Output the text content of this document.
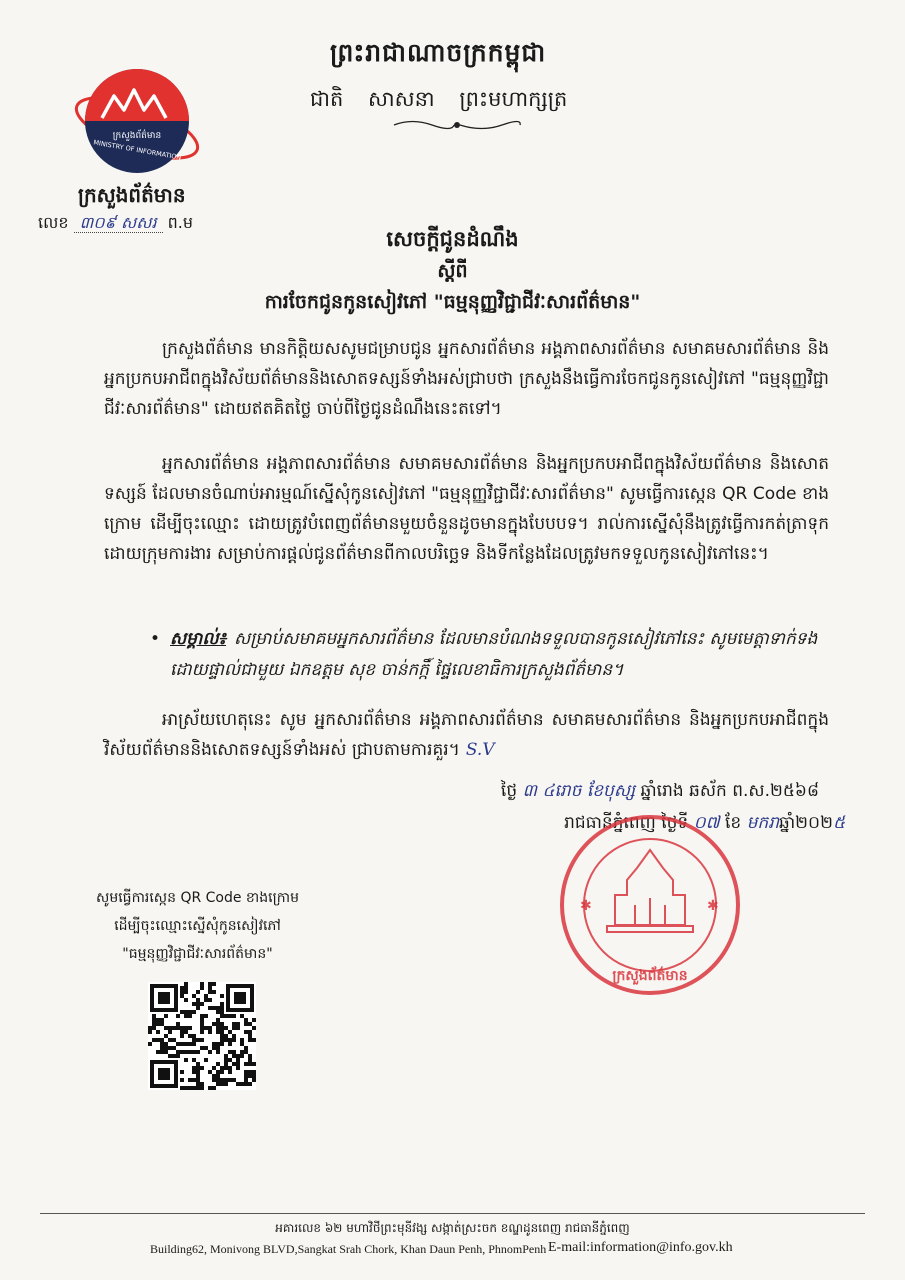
ព្រះរាជាណាចក្រកម្ពុជា
ជាតិ សាសនា ព្រះមហាក្សត្រ
ក្រសួងព័ត៌មាន
MINISTRY OF INFORMATION
ក្រសួងព័ត៌មាន
លេខ ៣០៩ សសរ ព.ម
សេចក្តីជូនដំណឹង
ស្តីពី
ការចែកជូនកូនសៀវភៅ "ធម្មនុញ្ញវិជ្ជាជីវៈសារព័ត៌មាន"
ក្រសួងព័ត៌មាន មានកិត្តិយសសូមជម្រាបជូន អ្នកសារព័ត៌មាន អង្គភាពសារព័ត៌មាន សមាគមសារព័ត៌មាន និងអ្នកប្រកបអាជីពក្នុងវិស័យព័ត៌មាននិងសោតទស្សន៍ទាំងអស់ជ្រាបថា ក្រសួងនឹងធ្វើការចែកជូនកូនសៀវភៅ "ធម្មនុញ្ញវិជ្ជាជីវៈសារព័ត៌មាន" ដោយឥតគិតថ្លៃ ចាប់ពីថ្ងៃជូនដំណឹងនេះតទៅ។
អ្នកសារព័ត៌មាន អង្គភាពសារព័ត៌មាន សមាគមសារព័ត៌មាន និងអ្នកប្រកបអាជីពក្នុងវិស័យព័ត៌មាន និងសោតទស្សន៍ ដែលមានចំណាប់អារម្មណ៍ស្នើសុំកូនសៀវភៅ "ធម្មនុញ្ញវិជ្ជាជីវៈសារព័ត៌មាន" សូមធ្វើការស្កេន QR Code ខាងក្រោម ដើម្បីចុះឈ្មោះ ដោយត្រូវបំពេញព័ត៌មានមួយចំនួនដូចមានក្នុងបែបបទ។ រាល់ការស្នើសុំនឹងត្រូវធ្វើការកត់ត្រាទុកដោយក្រុមការងារ សម្រាប់ការផ្តល់ជូនព័ត៌មានពីកាលបរិច្ឆេទ និងទីកន្លែងដែលត្រូវមកទទួលកូនសៀវភៅនេះ។
• សម្គាល់៖ សម្រាប់សមាគមអ្នកសារព័ត៌មាន ដែលមានបំណងទទួលបានកូនសៀវភៅនេះ សូមមេត្តាទាក់ទងដោយផ្ទាល់ជាមួយ ឯកឧត្តម សុខ ចាន់កក្កិ៍ ផ្ទៃលេខាធិការក្រសួងព័ត៌មាន។
អាស្រ័យហេតុនេះ សូម អ្នកសារព័ត៌មាន អង្គភាពសារព័ត៌មាន សមាគមសារព័ត៌មាន និងអ្នកប្រកបអាជីពក្នុងវិស័យព័ត៌មាននិងសោតទស្សន៍ទាំងអស់ ជ្រាបតាមការគួរ។ S.V
ថ្ងៃ ៣ ៤រោច ខែបុស្ស ឆ្នាំរោង ឆស័ក ព.ស.២៥៦៨
រាជធានីភ្នំពេញ ថ្ងៃទី ០៧ ខែ មករាឆ្នាំ២០២៥
✱	✱
ក្រសួងព័ត៌មាន
សូមធ្វើការស្កេន QR Code ខាងក្រោម
ដើម្បីចុះឈ្មោះស្នើសុំកូនសៀវភៅ
"ធម្មនុញ្ញវិជ្ជាជីវៈសារព័ត៌មាន"
អគារលេខ ៦២ មហាវិថីព្រះមុនីវង្ស សង្កាត់ស្រះចក ខណ្ឌដូនពេញ រាជធានីភ្នំពេញ
Building62, Monivong BLVD,Sangkat Srah Chork, Khan Daun Penh, PhnomPenh E-mail:information@info.gov.kh
